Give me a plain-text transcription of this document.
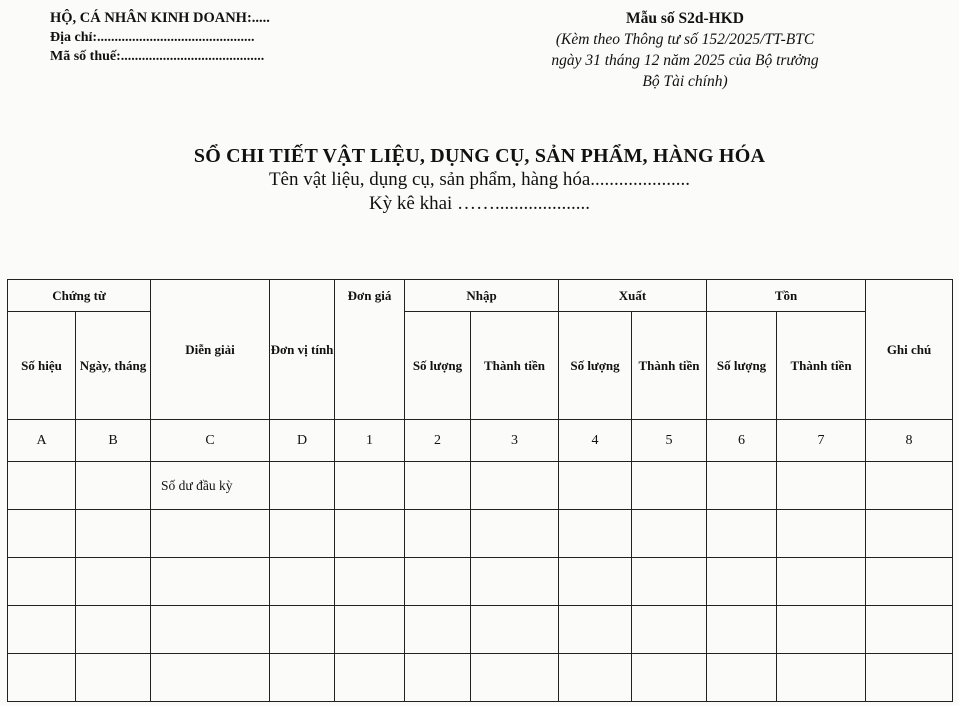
HỘ, CÁ NHÂN KINH DOANH:.....
Địa chỉ:.............................................
Mã số thuế:.........................................
Mẫu số S2d-HKD
(Kèm theo Thông tư số 152/2025/TT-BTC
ngày 31 tháng 12 năm 2025 của Bộ trưởng
Bộ Tài chính)
SỔ CHI TIẾT VẬT LIỆU, DỤNG CỤ, SẢN PHẨM, HÀNG HÓA
Tên vật liệu, dụng cụ, sản phẩm, hàng hóa.....................
Kỳ kê khai ……....................
Chứng từ		Diễn giải	Đơn vị tính	Đơn giá	Nhập		Xuất		Tồn		Ghi chú
Số hiệu	Ngày, tháng				Số lượng	Thành tiền	Số lượng	Thành tiền	Số lượng	Thành tiền	
A	B	C	D	1	2	3	4	5	6	7	8
		Số dư đầu kỳ									
